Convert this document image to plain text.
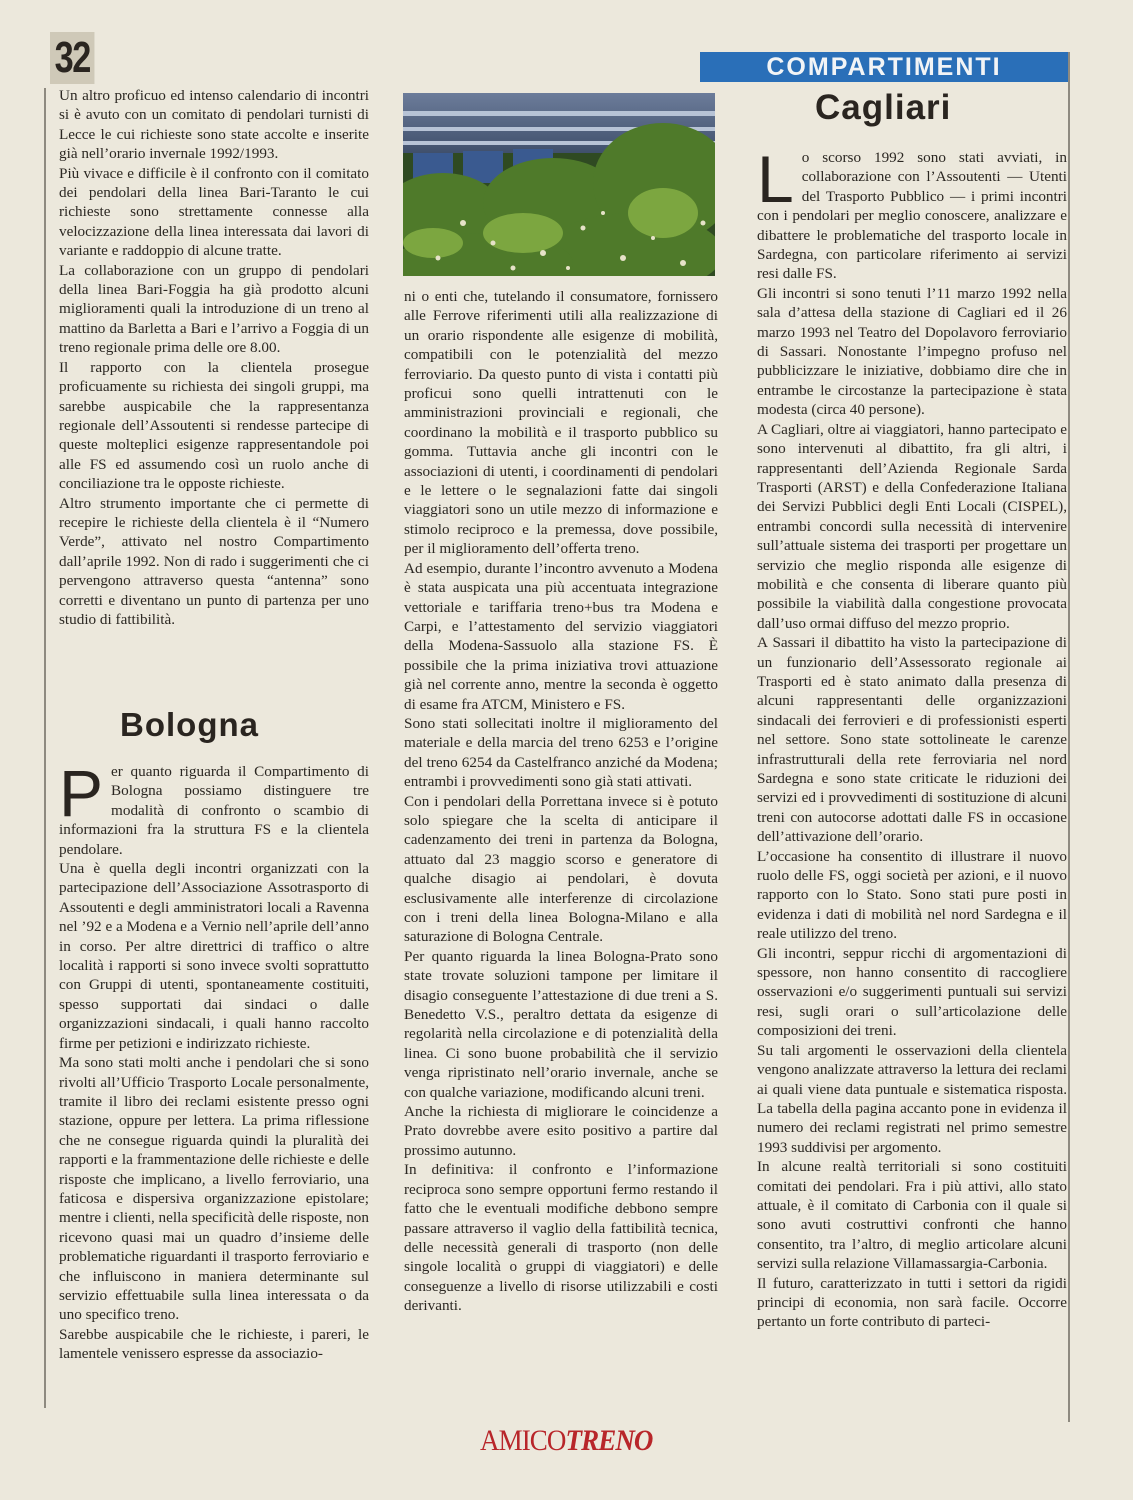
32	COMPARTIMENTI

Un altro proficuo ed intenso calendario di incontri si è avuto con un comitato di pendolari turnisti di Lecce le cui richieste sono state accolte e inserite già nell’orario invernale 1992/1993.

Più vivace e difficile è il confronto con il comitato dei pendolari della linea Bari-Taranto le cui richieste sono strettamente connesse alla velocizzazione della linea interessata dai lavori di variante e raddoppio di alcune tratte.

La collaborazione con un gruppo di pendolari della linea Bari-Foggia ha già prodotto alcuni miglioramenti quali la introduzione di un treno al mattino da Barletta a Bari e l’arrivo a Foggia di un treno regionale prima delle ore 8.00.

Il rapporto con la clientela prosegue proficuamente su richiesta dei singoli gruppi, ma sarebbe auspicabile che la rappresentanza regionale dell’Assoutenti si rendesse partecipe di queste molteplici esigenze rappresentandole poi alle FS ed assumendo così un ruolo anche di conciliazione tra le opposte richieste.

Altro strumento importante che ci permette di recepire le richieste della clientela è il “Numero Verde”, attivato nel nostro Compartimento dall’aprile 1992. Non di rado i suggerimenti che ci pervengono attraverso questa “antenna” sono corretti e diventano un punto di partenza per uno studio di fattibilità.

Bologna

Per quanto riguarda il Compartimento di Bologna possiamo distinguere tre modalità di confronto o scambio di informazioni fra la struttura FS e la clientela pendolare.

Una è quella degli incontri organizzati con la partecipazione dell’Associazione Assotrasporto di Assoutenti e degli amministratori locali a Ravenna nel ’92 e a Modena e a Vernio nell’aprile dell’anno in corso. Per altre direttrici di traffico o altre località i rapporti si sono invece svolti soprattutto con Gruppi di utenti, spontaneamente costituiti, spesso supportati dai sindaci o dalle organizzazioni sindacali, i quali hanno raccolto firme per petizioni e indirizzato richieste.

Ma sono stati molti anche i pendolari che si sono rivolti all’Ufficio Trasporto Locale personalmente, tramite il libro dei reclami esistente presso ogni stazione, oppure per lettera. La prima riflessione che ne consegue riguarda quindi la pluralità dei rapporti e la frammentazione delle richieste e delle risposte che implicano, a livello ferroviario, una faticosa e dispersiva organizzazione epistolare; mentre i clienti, nella specificità delle risposte, non ricevono quasi mai un quadro d’insieme delle problematiche riguardanti il trasporto ferroviario e che influiscono in maniera determinante sul servizio effettuabile sulla linea interessata o da uno specifico treno.

Sarebbe auspicabile che le richieste, i pareri, le lamentele venissero espresse da associazio-

ni o enti che, tutelando il consumatore, fornissero alle Ferrove riferimenti utili alla realizzazione di un orario rispondente alle esigenze di mobilità, compatibili con le potenzialità del mezzo ferroviario. Da questo punto di vista i contatti più proficui sono quelli intrattenuti con le amministrazioni provinciali e regionali, che coordinano la mobilità e il trasporto pubblico su gomma. Tuttavia anche gli incontri con le associazioni di utenti, i coordinamenti di pendolari e le lettere o le segnalazioni fatte dai singoli viaggiatori sono un utile mezzo di informazione e stimolo reciproco e la premessa, dove possibile, per il miglioramento dell’offerta treno.

Ad esempio, durante l’incontro avvenuto a Modena è stata auspicata una più accentuata integrazione vettoriale e tariffaria treno+bus tra Modena e Carpi, e l’attestamento del servizio viaggiatori della Modena-Sassuolo alla stazione FS. È possibile che la prima iniziativa trovi attuazione già nel corrente anno, mentre la seconda è oggetto di esame fra ATCM, Ministero e FS.

Sono stati sollecitati inoltre il miglioramento del materiale e della marcia del treno 6253 e l’origine del treno 6254 da Castelfranco anziché da Modena; entrambi i provvedimenti sono già stati attivati.

Con i pendolari della Porrettana invece si è potuto solo spiegare che la scelta di anticipare il cadenzamento dei treni in partenza da Bologna, attuato dal 23 maggio scorso e generatore di qualche disagio ai pendolari, è dovuta esclusivamente alle interferenze di circolazione con i treni della linea Bologna-Milano e alla saturazione di Bologna Centrale.

Per quanto riguarda la linea Bologna-Prato sono state trovate soluzioni tampone per limitare il disagio conseguente l’attestazione di due treni a S. Benedetto V.S., peraltro dettata da esigenze di regolarità nella circolazione e di potenzialità della linea. Ci sono buone probabilità che il servizio venga ripristinato nell’orario invernale, anche se con qualche variazione, modificando alcuni treni.

Anche la richiesta di migliorare le coincidenze a Prato dovrebbe avere esito positivo a partire dal prossimo autunno.

In definitiva: il confronto e l’informazione reciproca sono sempre opportuni fermo restando il fatto che le eventuali modifiche debbono sempre passare attraverso il vaglio della fattibilità tecnica, delle necessità generali di trasporto (non delle singole località o gruppi di viaggiatori) e delle conseguenze a livello di risorse utilizzabili e costi derivanti.

Cagliari

Lo scorso 1992 sono stati avviati, in collaborazione con l’Assoutenti — Utenti del Trasporto Pubblico — i primi incontri con i pendolari per meglio conoscere, analizzare e dibattere le problematiche del trasporto locale in Sardegna, con particolare riferimento ai servizi resi dalle FS.

Gli incontri si sono tenuti l’11 marzo 1992 nella sala d’attesa della stazione di Cagliari ed il 26 marzo 1993 nel Teatro del Dopolavoro ferroviario di Sassari. Nonostante l’impegno profuso nel pubblicizzare le iniziative, dobbiamo dire che in entrambe le circostanze la partecipazione è stata modesta (circa 40 persone).

A Cagliari, oltre ai viaggiatori, hanno partecipato e sono intervenuti al dibattito, fra gli altri, i rappresentanti dell’Azienda Regionale Sarda Trasporti (ARST) e della Confederazione Italiana dei Servizi Pubblici degli Enti Locali (CISPEL), entrambi concordi sulla necessità di intervenire sull’attuale sistema dei trasporti per progettare un servizio che meglio risponda alle esigenze di mobilità e che consenta di liberare quanto più possibile la viabilità dalla congestione provocata dall’uso ormai diffuso del mezzo proprio.

A Sassari il dibattito ha visto la partecipazione di un funzionario dell’Assessorato regionale ai Trasporti ed è stato animato dalla presenza di alcuni rappresentanti delle organizzazioni sindacali dei ferrovieri e di professionisti esperti nel settore. Sono state sottolineate le carenze infrastrutturali della rete ferroviaria nel nord Sardegna e sono state criticate le riduzioni dei servizi ed i provvedimenti di sostituzione di alcuni treni con autocorse adottati dalle FS in occasione dell’attivazione dell’orario.

L’occasione ha consentito di illustrare il nuovo ruolo delle FS, oggi società per azioni, e il nuovo rapporto con lo Stato. Sono stati pure posti in evidenza i dati di mobilità nel nord Sardegna e il reale utilizzo del treno.

Gli incontri, seppur ricchi di argomentazioni di spessore, non hanno consentito di raccogliere osservazioni e/o suggerimenti puntuali sui servizi resi, sugli orari o sull’articolazione delle composizioni dei treni.

Su tali argomenti le osservazioni della clientela vengono analizzate attraverso la lettura dei reclami ai quali viene data puntuale e sistematica risposta. La tabella della pagina accanto pone in evidenza il numero dei reclami registrati nel primo semestre 1993 suddivisi per argomento.

In alcune realtà territoriali si sono costituiti comitati dei pendolari. Fra i più attivi, allo stato attuale, è il comitato di Carbonia con il quale si sono avuti costruttivi confronti che hanno consentito, tra l’altro, di meglio articolare alcuni servizi sulla relazione Villamassargia-Carbonia.

Il futuro, caratterizzato in tutti i settori da rigidi principi di economia, non sarà facile. Occorre pertanto un forte contributo di parteci-

AMICOTRENO
